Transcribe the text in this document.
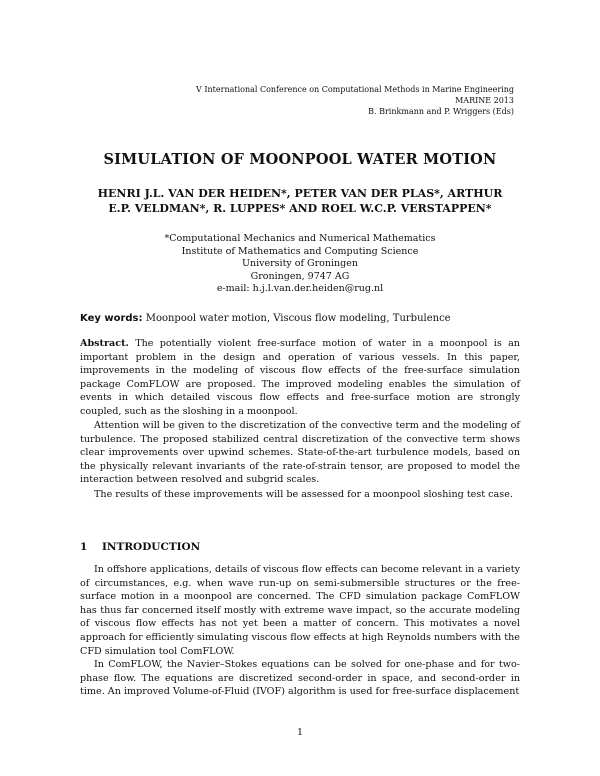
V International Conference on Computational Methods in Marine Engineering
MARINE 2013
B. Brinkmann and P. Wriggers (Eds)
SIMULATION OF MOONPOOL WATER MOTION
HENRI J.L. VAN DER HEIDEN*, PETER VAN DER PLAS*, ARTHUR
E.P. VELDMAN*, R. LUPPES* AND ROEL W.C.P. VERSTAPPEN*
*Computational Mechanics and Numerical Mathematics
Institute of Mathematics and Computing Science
University of Groningen
Groningen, 9747 AG
e-mail: h.j.l.van.der.heiden@rug.nl
Key words: Moonpool water motion, Viscous flow modeling, Turbulence

Abstract. The potentially violent free-surface motion of water in a moonpool is an important problem in the design and operation of various vessels. In this paper, improvements in the modeling of viscous flow effects of the free-surface simulation package ComFLOW are proposed. The improved modeling enables the simulation of events in which detailed viscous flow effects and free-surface motion are strongly coupled, such as the sloshing in a moonpool.

Attention will be given to the discretization of the convective term and the modeling of turbulence. The proposed stabilized central discretization of the convective term shows clear improvements over upwind schemes. State-of-the-art turbulence models, based on the physically relevant invariants of the rate-of-strain tensor, are proposed to model the interaction between resolved and subgrid scales.

The results of these improvements will be assessed for a moonpool sloshing test case.

1 INTRODUCTION

In offshore applications, details of viscous flow effects can become relevant in a variety of circumstances, e.g. when wave run-up on semi-submersible structures or the free-surface motion in a moonpool are concerned. The CFD simulation package ComFLOW has thus far concerned itself mostly with extreme wave impact, so the accurate modeling of viscous flow effects has not yet been a matter of concern. This motivates a novel approach for efficiently simulating viscous flow effects at high Reynolds numbers with the CFD simulation tool ComFLOW.

In ComFLOW, the Navier–Stokes equations can be solved for one-phase and for two-phase flow. The equations are discretized second-order in space, and second-order in time. An improved Volume-of-Fluid (IVOF) algorithm is used for free-surface displacement

1
